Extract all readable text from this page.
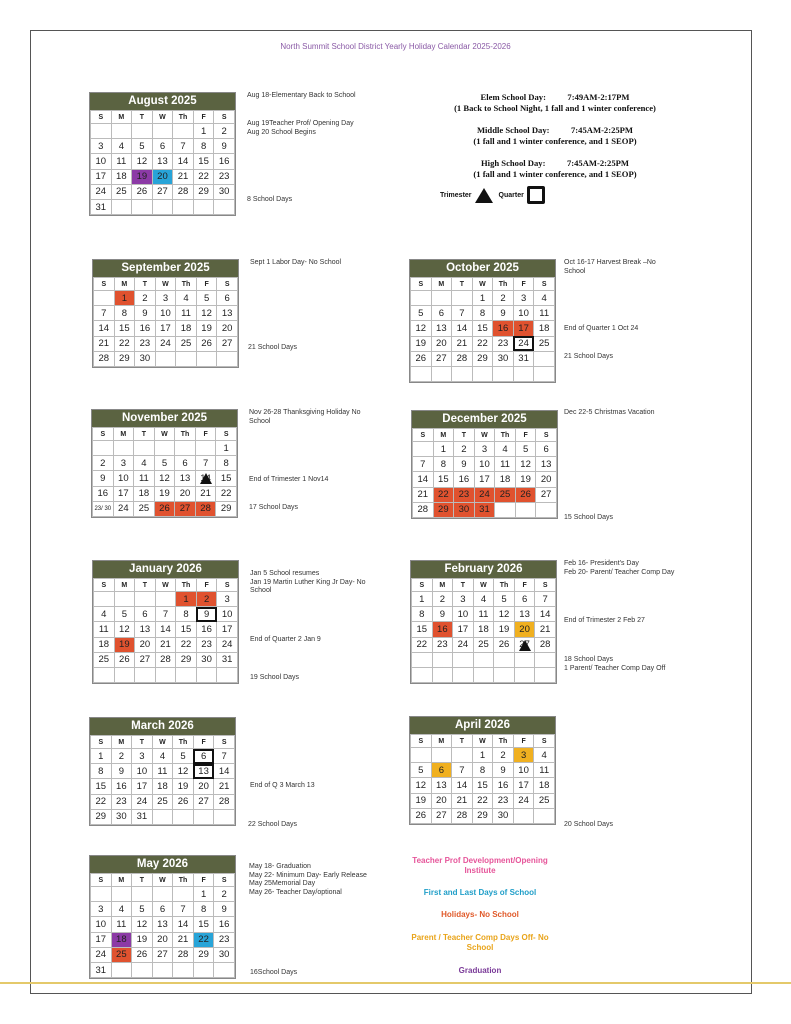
North Summit School District Yearly Holiday Calendar 2025-2026
August 2025
S	M	T	W	Th	F	S
					1	2
3	4	5	6	7	8	9
10	11	12	13	14	15	16
17	18	19	20	21	22	23
24	25	26	27	28	29	30
31						
September 2025
S	M	T	W	Th	F	S
	1	2	3	4	5	6
7	8	9	10	11	12	13
14	15	16	17	18	19	20
21	22	23	24	25	26	27
28	29	30				
October 2025
S	M	T	W	Th	F	S
			1	2	3	4
5	6	7	8	9	10	11
12	13	14	15	16	17	18
19	20	21	22	23	24	25
26	27	28	29	30	31	

November 2025
S	M	T	W	Th	F	S
						1
2	3	4	5	6	7	8
9	10	11	12	13	14	15
16	17	18	19	20	21	22
23/ 30	24	25	26	27	28	29
December 2025
S	M	T	W	Th	F	S
	1	2	3	4	5	6
7	8	9	10	11	12	13
14	15	16	17	18	19	20
21	22	23	24	25	26	27
28	29	30	31			
January 2026
S	M	T	W	Th	F	S
				1	2	3
4	5	6	7	8	9	10
11	12	13	14	15	16	17
18	19	20	21	22	23	24
25	26	27	28	29	30	31

February 2026
S	M	T	W	Th	F	S
1	2	3	4	5	6	7
8	9	10	11	12	13	14
15	16	17	18	19	20	21
22	23	24	25	26	27	28

March 2026
S	M	T	W	Th	F	S
1	2	3	4	5	6	7
8	9	10	11	12	13	14
15	16	17	18	19	20	21
22	23	24	25	26	27	28
29	30	31				
April 2026
S	M	T	W	Th	F	S
			1	2	3	4
5	6	7	8	9	10	11
12	13	14	15	16	17	18
19	20	21	22	23	24	25
26	27	28	29	30		
May 2026
S	M	T	W	Th	F	S
					1	2
3	4	5	6	7	8	9
10	11	12	13	14	15	16
17	18	19	20	21	22	23
24	25	26	27	28	29	30
31						
Elem School Day:          7:49AM-2:17PM
(1 Back to School Night, 1 fall and 1 winter conference)
Middle School Day:          7:45AM-2:25PM
(1 fall and 1 winter conference, and 1 SEOP)
High School Day:          7:45AM-2:25PM
(1 fall and 1 winter conference, and 1 SEOP)
Trimester	Quarter
Aug 18-Elementary Back to School
Aug 19Teacher Prof/ Opening Day
Aug 20 School Begins
8 School Days
Sept 1 Labor Day- No School
21 School Days
Oct 16-17 Harvest Break –No School
End of Quarter 1 Oct 24
21 School Days
Nov 26-28 Thanksgiving Holiday No School
End of Trimester 1 Nov14
17 School Days
Dec 22-5 Christmas Vacation
15 School Days
Jan 5 School resumes
Jan 19 Martin Luther King Jr Day- No School
End of Quarter 2 Jan 9
19 School Days
Feb 16- President's Day
Feb 20- Parent/ Teacher Comp Day
End of Trimester 2 Feb 27
18 School Days
1 Parent/ Teacher Comp Day Off
End of Q 3 March 13
22 School Days	20 School Days
May 18- Graduation
May 22- Minimum Day- Early Release
May 25Memorial Day
May 26- Teacher Day/optional
16School Days
Teacher Prof Development/Opening Institute
First and Last Days of School
Holidays- No School
Parent / Teacher Comp Days Off- No School
Graduation
